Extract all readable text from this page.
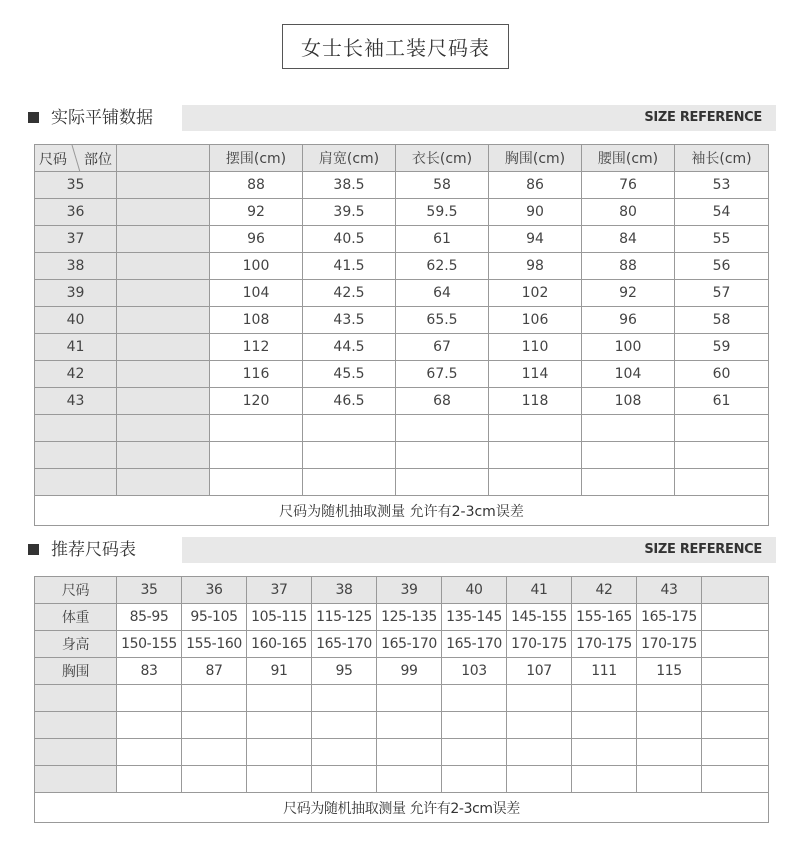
女士长袖工装尺码表
实际平铺数据	SIZE REFERENCE
尺码 部位		摆围(cm)	肩宽(cm)	衣长(cm)	胸围(cm)	腰围(cm)	袖长(cm)
35		88	38.5	58	86	76	53
36		92	39.5	59.5	90	80	54
37		96	40.5	61	94	84	55
38		100	41.5	62.5	98	88	56
39		104	42.5	64	102	92	57
40		108	43.5	65.5	106	96	58
41		112	44.5	67	110	100	59
42		116	45.5	67.5	114	104	60
43		120	46.5	68	118	108	61

尺码为随机抽取测量 允许有2-3cm误差							
推荐尺码表	SIZE REFERENCE
尺码	35	36	37	38	39	40	41	42	43	
体重	85-95	95-105	105-115	115-125	125-135	135-145	145-155	155-165	165-175	
身高	150-155	155-160	160-165	165-170	165-170	165-170	170-175	170-175	170-175	
胸围	83	87	91	95	99	103	107	111	115	

尺码为随机抽取测量 允许有2-3cm误差										
